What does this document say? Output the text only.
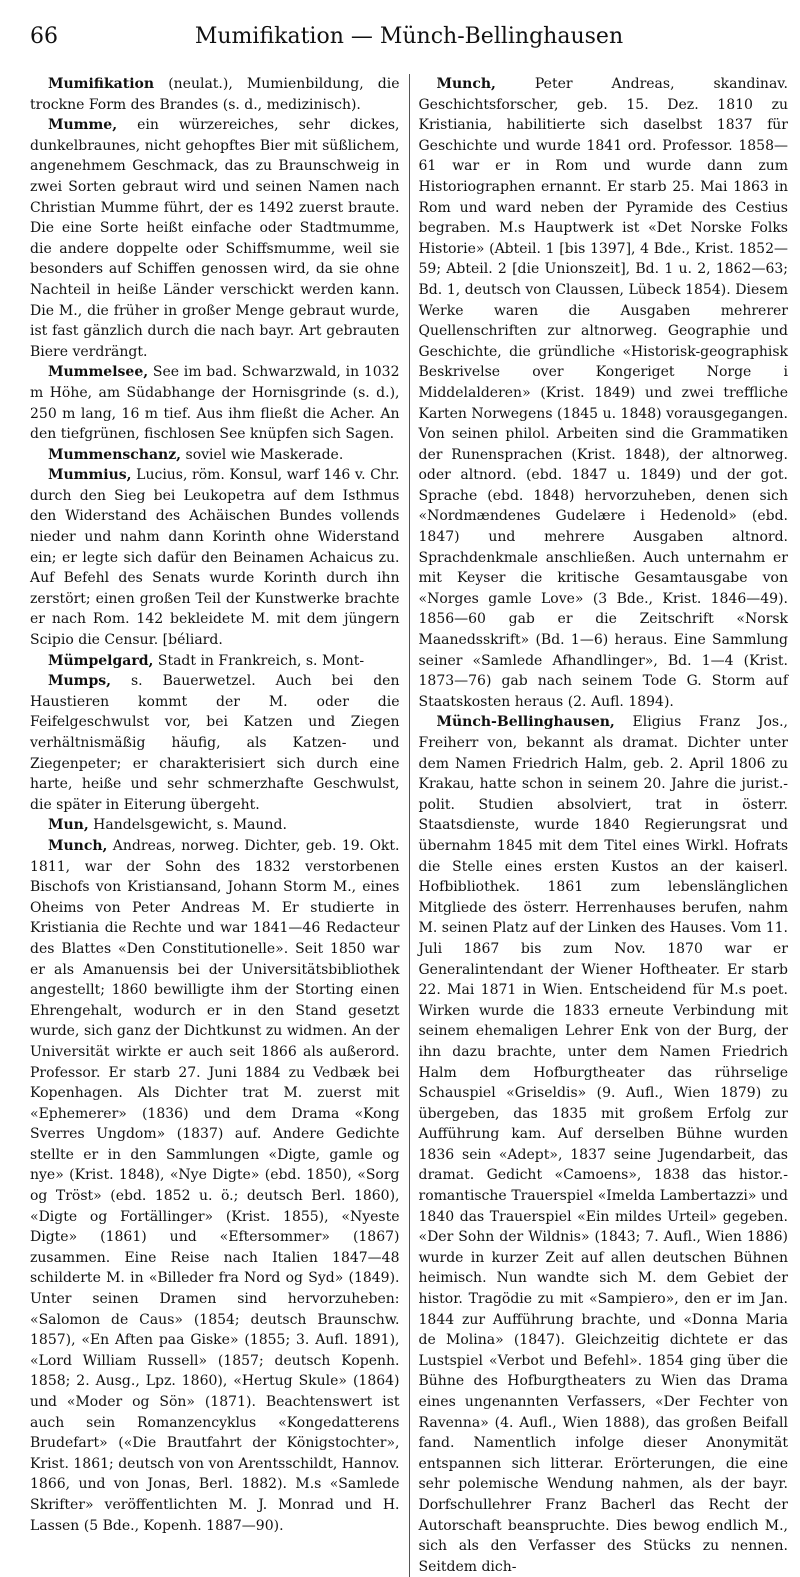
66	Mumifikation — Münch-Bellinghausen

Mumifikation (neulat.), Mumienbildung, die trockne Form des Brandes (s. d., medizinisch).

Mumme, ein würzereiches, sehr dickes, dunkelbraunes, nicht gehopftes Bier mit süßlichem, angenehmem Geschmack, das zu Braunschweig in zwei Sorten gebraut wird und seinen Namen nach Christian Mumme führt, der es 1492 zuerst braute. Die eine Sorte heißt einfache oder Stadtmumme, die andere doppelte oder Schiffsmumme, weil sie besonders auf Schiffen genossen wird, da sie ohne Nachteil in heiße Länder verschickt werden kann. Die M., die früher in großer Menge gebraut wurde, ist fast gänzlich durch die nach bayr. Art gebrauten Biere verdrängt.

Mummelsee, See im bad. Schwarzwald, in 1032 m Höhe, am Südabhange der Hornisgrinde (s. d.), 250 m lang, 16 m tief. Aus ihm fließt die Acher. An den tiefgrünen, fischlosen See knüpfen sich Sagen.

Mummenschanz, soviel wie Maskerade.

Mummius, Lucius, röm. Konsul, warf 146 v. Chr. durch den Sieg bei Leukopetra auf dem Isthmus den Widerstand des Achäischen Bundes vollends nieder und nahm dann Korinth ohne Widerstand ein; er legte sich dafür den Beinamen Achaicus zu. Auf Befehl des Senats wurde Korinth durch ihn zerstört; einen großen Teil der Kunstwerke brachte er nach Rom. 142 bekleidete M. mit dem jüngern Scipio die Censur. [béliard.

Mümpelgard, Stadt in Frankreich, s. Mont-

Mumps, s. Bauerwetzel. Auch bei den Haustieren kommt der M. oder die Feifelgeschwulst vor, bei Katzen und Ziegen verhältnismäßig häufig, als Katzen- und Ziegenpeter; er charakterisiert sich durch eine harte, heiße und sehr schmerzhafte Geschwulst, die später in Eiterung übergeht.

Mun, Handelsgewicht, s. Maund.

Munch, Andreas, norweg. Dichter, geb. 19. Okt. 1811, war der Sohn des 1832 verstorbenen Bischofs von Kristiansand, Johann Storm M., eines Oheims von Peter Andreas M. Er studierte in Kristiania die Rechte und war 1841—46 Redacteur des Blattes «Den Constitutionelle». Seit 1850 war er als Amanuensis bei der Universitätsbibliothek angestellt; 1860 bewilligte ihm der Storting einen Ehrengehalt, wodurch er in den Stand gesetzt wurde, sich ganz der Dichtkunst zu widmen. An der Universität wirkte er auch seit 1866 als außerord. Professor. Er starb 27. Juni 1884 zu Vedbæk bei Kopenhagen. Als Dichter trat M. zuerst mit «Ephemerer» (1836) und dem Drama «Kong Sverres Ungdom» (1837) auf. Andere Gedichte stellte er in den Sammlungen «Digte, gamle og nye» (Krist. 1848), «Nye Digte» (ebd. 1850), «Sorg og Tröst» (ebd. 1852 u. ö.; deutsch Berl. 1860), «Digte og Fortällinger» (Krist. 1855), «Nyeste Digte» (1861) und «Eftersommer» (1867) zusammen. Eine Reise nach Italien 1847—48 schilderte M. in «Billeder fra Nord og Syd» (1849). Unter seinen Dramen sind hervorzuheben: «Salomon de Caus» (1854; deutsch Braunschw. 1857), «En Aften paa Giske» (1855; 3. Aufl. 1891), «Lord William Russell» (1857; deutsch Kopenh. 1858; 2. Ausg., Lpz. 1860), «Hertug Skule» (1864) und «Moder og Sön» (1871). Beachtenswert ist auch sein Romanzencyklus «Kongedatterens Brudefart» («Die Brautfahrt der Königstochter», Krist. 1861; deutsch von von Arentsschildt, Hannov. 1866, und von Jonas, Berl. 1882). M.s «Samlede Skrifter» veröffentlichten M. J. Monrad und H. Lassen (5 Bde., Kopenh. 1887—90).

Munch, Peter Andreas, skandinav. Geschichtsforscher, geb. 15. Dez. 1810 zu Kristiania, habilitierte sich daselbst 1837 für Geschichte und wurde 1841 ord. Professor. 1858—61 war er in Rom und wurde dann zum Historiographen ernannt. Er starb 25. Mai 1863 in Rom und ward neben der Pyramide des Cestius begraben. M.s Hauptwerk ist «Det Norske Folks Historie» (Abteil. 1 [bis 1397], 4 Bde., Krist. 1852—59; Abteil. 2 [die Unionszeit], Bd. 1 u. 2, 1862—63; Bd. 1, deutsch von Claussen, Lübeck 1854). Diesem Werke waren die Ausgaben mehrerer Quellenschriften zur altnorweg. Geographie und Geschichte, die gründliche «Historisk-geographisk Beskrivelse over Kongeriget Norge i Middelalderen» (Krist. 1849) und zwei treffliche Karten Norwegens (1845 u. 1848) vorausgegangen. Von seinen philol. Arbeiten sind die Grammatiken der Runensprachen (Krist. 1848), der altnorweg. oder altnord. (ebd. 1847 u. 1849) und der got. Sprache (ebd. 1848) hervorzuheben, denen sich «Nordmændenes Gudelære i Hedenold» (ebd. 1847) und mehrere Ausgaben altnord. Sprachdenkmale anschließen. Auch unternahm er mit Keyser die kritische Gesamtausgabe von «Norges gamle Love» (3 Bde., Krist. 1846—49). 1856—60 gab er die Zeitschrift «Norsk Maanedsskrift» (Bd. 1—6) heraus. Eine Sammlung seiner «Samlede Afhandlinger», Bd. 1—4 (Krist. 1873—76) gab nach seinem Tode G. Storm auf Staatskosten heraus (2. Aufl. 1894).

Münch-Bellinghausen, Eligius Franz Jos., Freiherr von, bekannt als dramat. Dichter unter dem Namen Friedrich Halm, geb. 2. April 1806 zu Krakau, hatte schon in seinem 20. Jahre die jurist.-polit. Studien absolviert, trat in österr. Staatsdienste, wurde 1840 Regierungsrat und übernahm 1845 mit dem Titel eines Wirkl. Hofrats die Stelle eines ersten Kustos an der kaiserl. Hofbibliothek. 1861 zum lebenslänglichen Mitgliede des österr. Herrenhauses berufen, nahm M. seinen Platz auf der Linken des Hauses. Vom 11. Juli 1867 bis zum Nov. 1870 war er Generalintendant der Wiener Hoftheater. Er starb 22. Mai 1871 in Wien. Entscheidend für M.s poet. Wirken wurde die 1833 erneute Verbindung mit seinem ehemaligen Lehrer Enk von der Burg, der ihn dazu brachte, unter dem Namen Friedrich Halm dem Hofburgtheater das rührselige Schauspiel «Griseldis» (9. Aufl., Wien 1879) zu übergeben, das 1835 mit großem Erfolg zur Aufführung kam. Auf derselben Bühne wurden 1836 sein «Adept», 1837 seine Jugendarbeit, das dramat. Gedicht «Camoens», 1838 das histor.-romantische Trauerspiel «Imelda Lambertazzi» und 1840 das Trauerspiel «Ein mildes Urteil» gegeben. «Der Sohn der Wildnis» (1843; 7. Aufl., Wien 1886) wurde in kurzer Zeit auf allen deutschen Bühnen heimisch. Nun wandte sich M. dem Gebiet der histor. Tragödie zu mit «Sampiero», den er im Jan. 1844 zur Aufführung brachte, und «Donna Maria de Molina» (1847). Gleichzeitig dichtete er das Lustspiel «Verbot und Befehl». 1854 ging über die Bühne des Hofburgtheaters zu Wien das Drama eines ungenannten Verfassers, «Der Fechter von Ravenna» (4. Aufl., Wien 1888), das großen Beifall fand. Namentlich infolge dieser Anonymität entspannen sich litterar. Erörterungen, die eine sehr polemische Wendung nahmen, als der bayr. Dorfschullehrer Franz Bacherl das Recht der Autorschaft beanspruchte. Dies bewog endlich M., sich als den Verfasser des Stücks zu nennen. Seitdem dich-
